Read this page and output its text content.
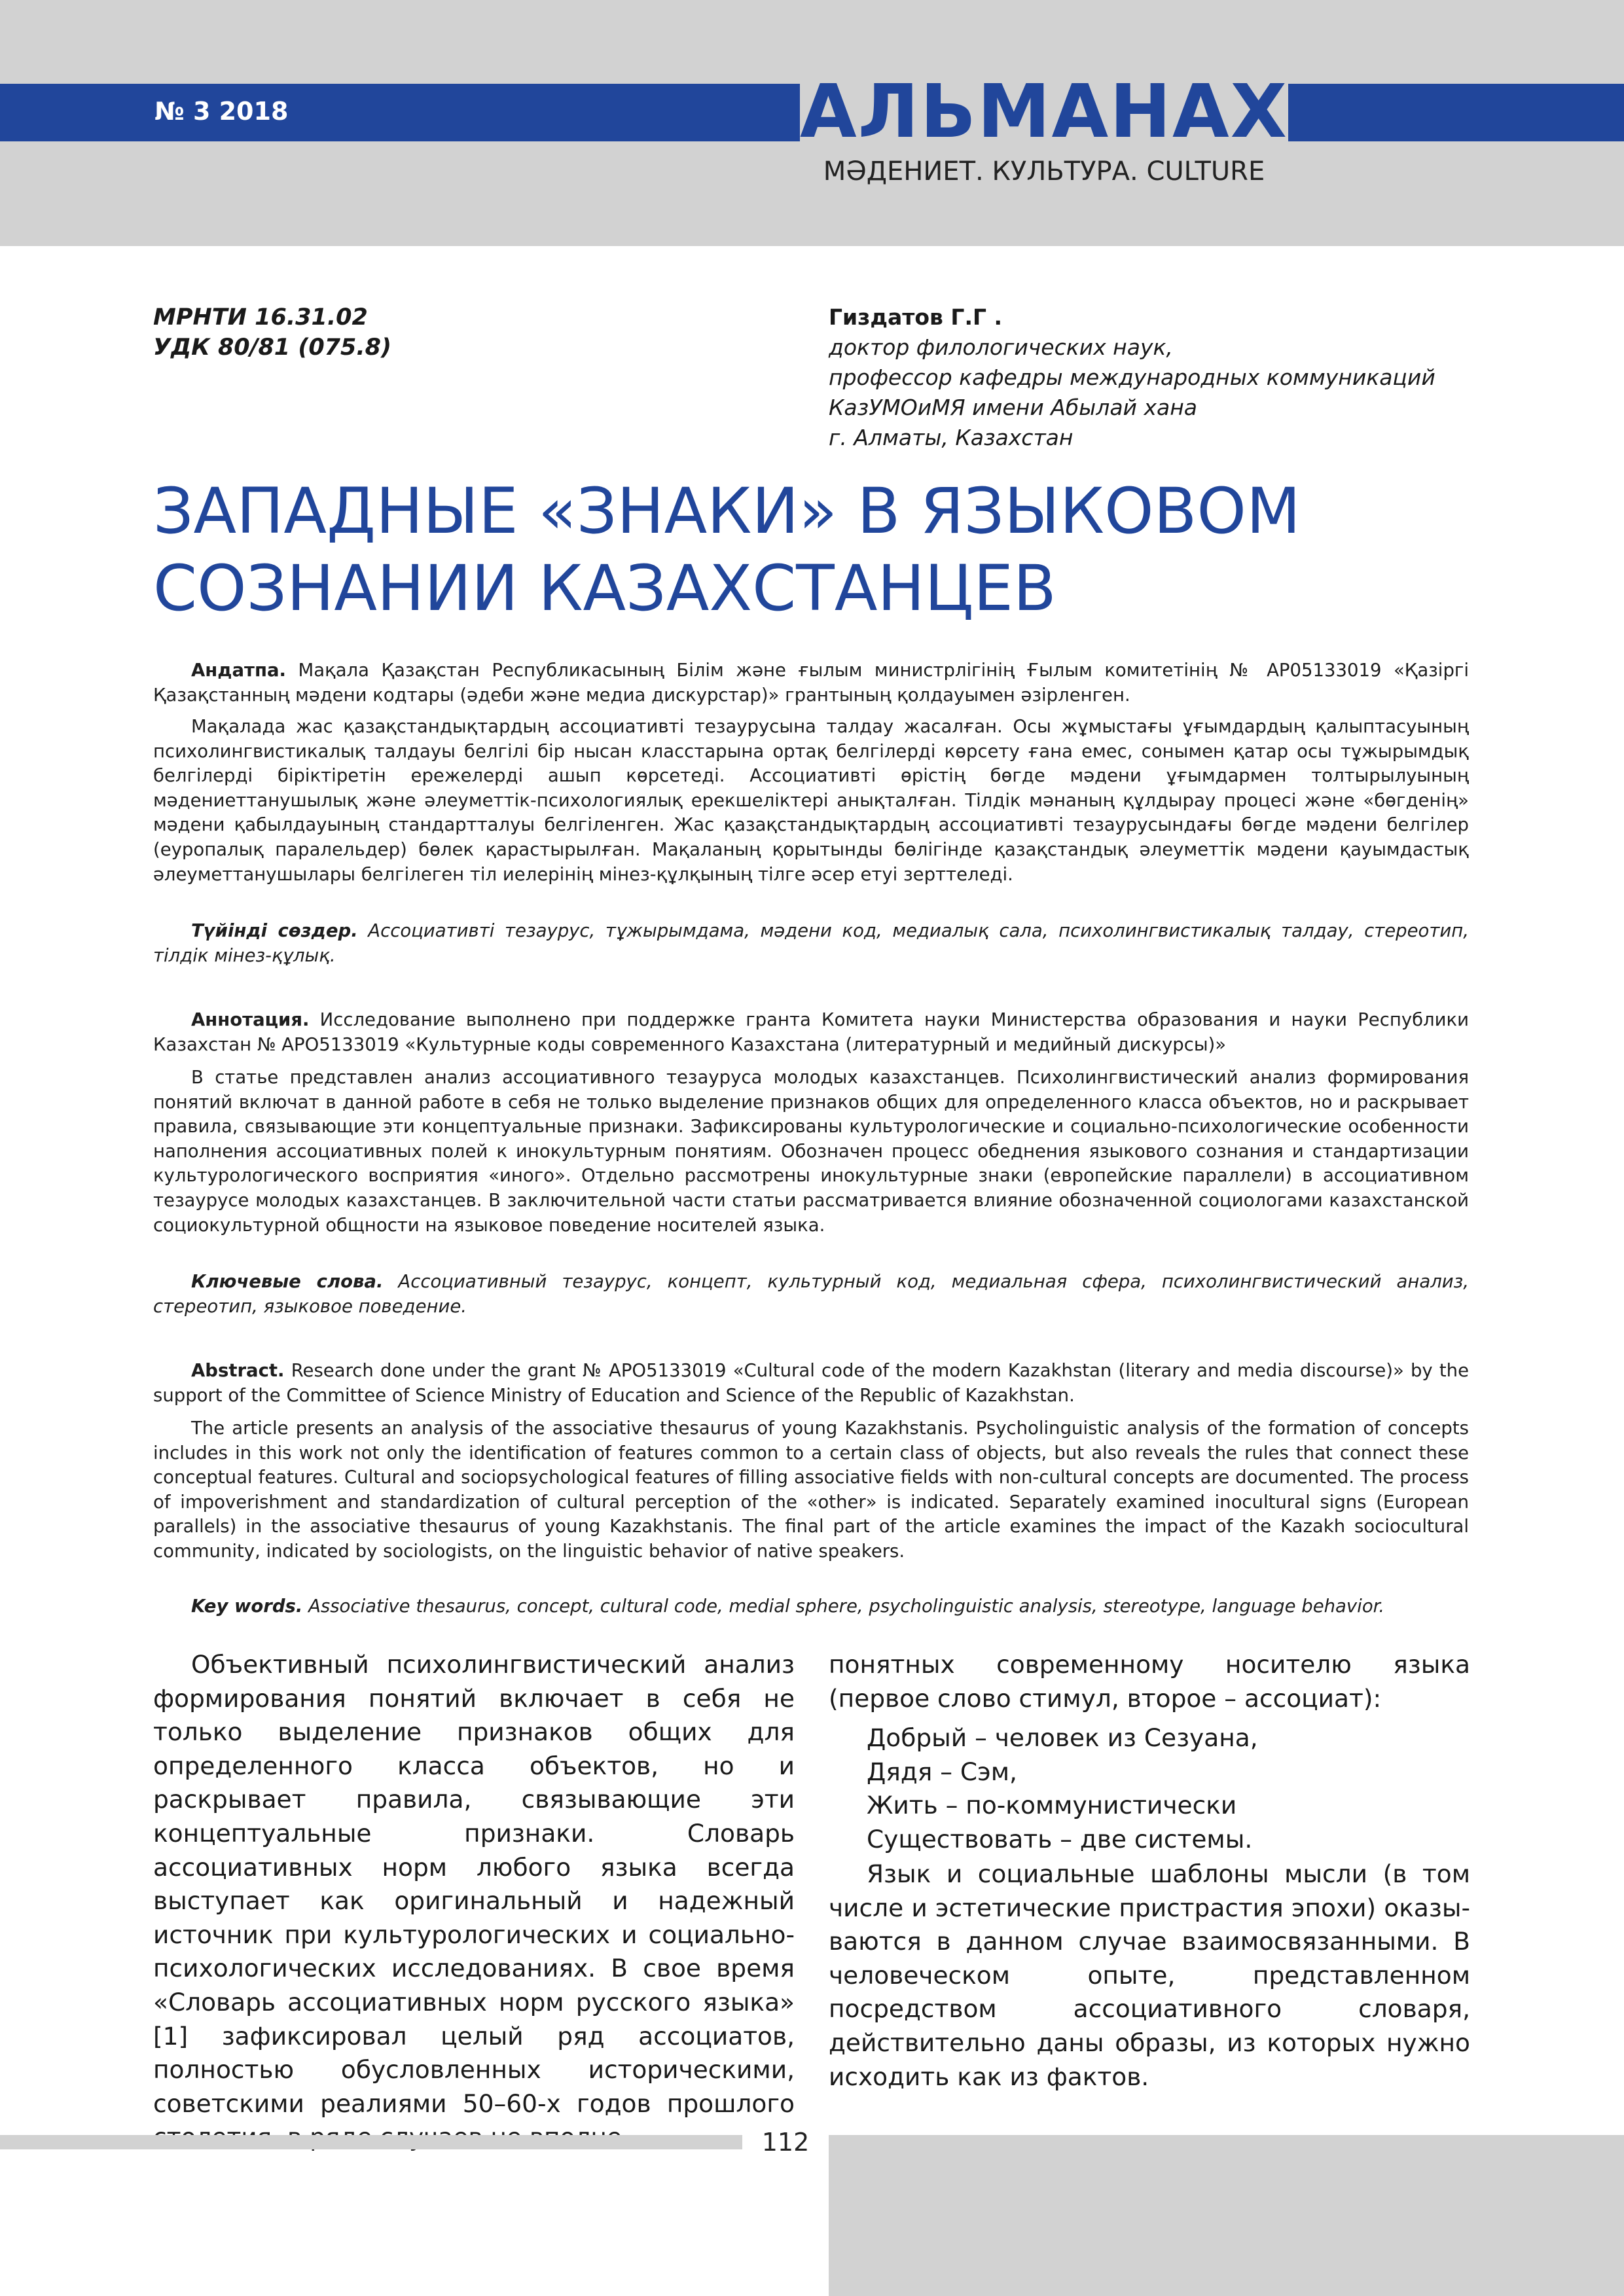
№ 3 2018	АЛЬМАНАХ
МӘДЕНИЕТ. КУЛЬТУРА. CULTURE
МРНТИ 16.31.02
УДК 80/81 (075.8)
Гиздатов Г.Г .
доктор филологических наук,
профессор кафедры международных коммуникаций
КазУМОиМЯ имени Абылай хана
г. Алматы, Казахстан
ЗАПАДНЫЕ «ЗНАКИ» В ЯЗЫКОВОМ
СОЗНАНИИ КАЗАХСТАНЦЕВ
Андатпа. Мақала Қазақстан Республикасының Білім және ғылым министрлігінің Ғылым комитетінің № АР05133019 «Қазіргі Қазақстанның мәдени кодтары (әдеби және медиа дискурстар)» грантының қолдауымен әзірленген.
Мақалада жас қазақстандықтардың ассоциативті тезаурусына талдау жасалған. Осы жұмыстағы ұғымдардың қалыптасуының психолингвистикалық талдауы белгілі бір нысан класстарына ортақ белгілерді көрсету ғана емес, сонымен қатар осы тұжырымдық белгілерді біріктіретін ережелерді ашып көрсетеді. Ассоциативті өрістің бөгде мәдени ұғымдармен толтырылуының мәдениеттанушылық және әлеуметтік-психологиялық ерекшеліктері анықталған. Тілдік мәнаның құлдырау процесі және «бөгденің» мәдени қабылдауының стандартталуы белгіленген. Жас қазақстандықтардың ассоциативті тезаурусындағы бөгде мәдени белгілер (еуропалық паралельдер) бөлек қарастырылған. Мақаланың қорытынды бөлігінде қазақстандық әлеуметтік мәдени қауымдастық әлеуметтанушылары белгілеген тіл иелерінің мінез-құлқының тілге әсер етуі зерттеледі.
Түйінді сөздер. Ассоциативті тезаурус, тұжырымдама, мәдени код, медиалық сала, психолингвистикалық талдау, стереотип, тілдік мінез-құлық.
Аннотация. Исследование выполнено при поддержке гранта Комитета науки Министерства образования и науки Республики Казахстан № АРО5133019 «Культурные коды современного Казахстана (литературный и медийный дискурсы)»
В статье представлен анализ ассоциативного тезауруса молодых казахстанцев. Психолингвистический анализ формирования понятий включат в данной работе в себя не только выделение признаков общих для определенного класса объектов, но и раскрывает правила, связывающие эти концептуальные признаки. Зафиксированы культурологические и социально-психологические особенности наполнения ассоциативных полей к инокультурным понятиям. Обозначен процесс обеднения языкового сознания и стандартизации культурологического восприятия «иного». Отдельно рассмотрены инокультурные знаки (европейские параллели) в ассоциативном тезаурусе молодых казахстанцев. В заключительной части статьи рассматривается влияние обозначенной социологами казахстанской социокультурной общности на языковое поведение носителей языка.
Ключевые слова. Ассоциативный тезаурус, концепт, культурный код, медиальная сфера, психолингвистический анализ, стереотип, языковое поведение.
Abstract. Research done under the grant № АРО5133019 «Cultural code of the modern Kazakhstan (literary and media discourse)» by the support of the Committee of Science Ministry of Education and Science of the Republic of Kazakhstan.
The article presents an analysis of the associative thesaurus of young Kazakhstanis. Psycholinguistic analysis of the formation of concepts includes in this work not only the identification of features common to a certain class of objects, but also reveals the rules that connect these conceptual features. Cultural and sociopsychological features of filling associative fields with non-cultural concepts are documented. The process of impoverishment and standardization of cultural perception of the «other» is indicated. Separately examined inocultural signs (European parallels) in the associative thesaurus of young Kazakhstanis. The final part of the article examines the impact of the Kazakh sociocultural community, indicated by sociologists, on the linguistic behavior of native speakers.
Key words. Associative thesaurus, concept, cultural code, medial sphere, psycholinguistic analysis, stereotype, language behavior.
Объективный психолингвистический анализ формирования понятий включает в себя не только выделение признаков общих для определенного класса объектов, но и раскрывает правила, связывающие эти концептуальные признаки. Словарь ассоциативных норм любого языка всегда выступает как оригинальный и надежный источник при культурологических и социально-психологических исследованиях. В свое время «Словарь ассоциативных норм русского языка» [1] зафиксировал целый ряд ассоциатов, полностью обусловленных историческими, советскими реалиями 50–60-х годов прошлого
понятных современному носителю языка (первое слово стимул, второе – ассоциат):
Добрый – человек из Сезуана,
Дядя – Сэм,
Жить – по-коммунистически
Существовать – две системы.
Язык и социальные шаблоны мысли (в том числе и эстетические пристрастия эпохи) оказываются в данном случае взаимосвязанными. В человеческом опыте, представленном посредством ассоциативного словаря, действительно даны образы, из которых нужно исходить как из фактов.
112
